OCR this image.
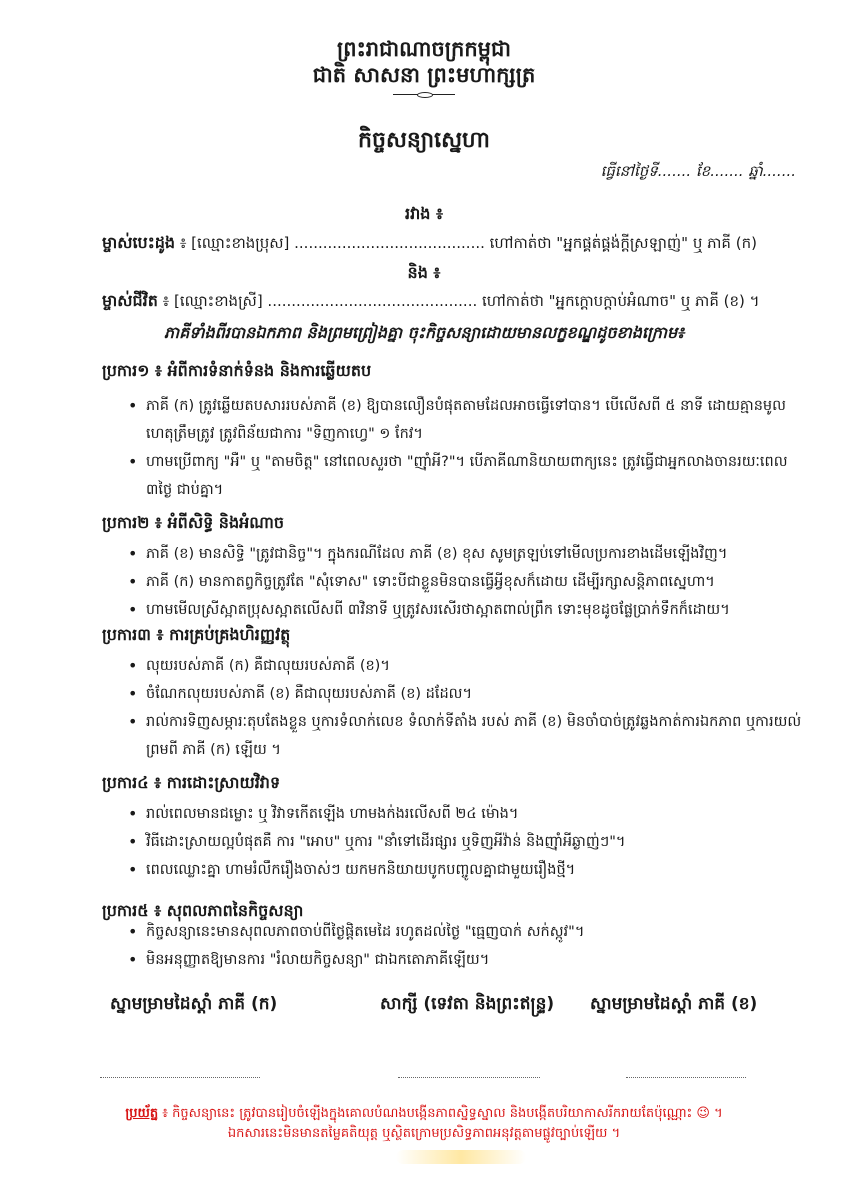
ព្រះរាជាណាចក្រកម្ពុជា
ជាតិ សាសនា ព្រះមហាក្សត្រ
កិច្ចសន្យាស្នេហា
ធ្វើនៅថ្ងៃទី....... ខែ....... ឆ្នាំ.......
រវាង ៖
ម្ចាស់បេះដូង ៖ [ឈ្មោះខាងប្រុស] ........................................ ហៅកាត់ថា "អ្នកផ្គត់ផ្គង់ក្ដីស្រឡាញ់" ឬ ភាគី (ក)
និង ៖
ម្ចាស់ជីវិត ៖ [ឈ្មោះខាងស្រី] ............................................ ហៅកាត់ថា "អ្នកក្ដោបក្ដាប់អំណាច" ឬ ភាគី (ខ) ។
ភាគីទាំងពីរបានឯកភាព និងព្រមព្រៀងគ្នា ចុះកិច្ចសន្យាដោយមានលក្ខខណ្ឌដូចខាងក្រោម៖
ប្រការ១ ៖ អំពីការទំនាក់ទំនង និងការឆ្លើយតប
• ភាគី (ក) ត្រូវឆ្លើយតបសាររបស់ភាគី (ខ) ឱ្យបានលឿនបំផុតតាមដែលអាចធ្វើទៅបាន។ បើលើសពី ៥ នាទី ដោយគ្មានមូលហេតុត្រឹមត្រូវ ត្រូវពិន័យជាការ "ទិញកាហ្វេ" ១ កែវ។
• ហាមប្រើពាក្យ "អឺ" ឬ "តាមចិត្ត" នៅពេលសួរថា "ញ៉ាំអី?"។ បើភាគីណានិយាយពាក្យនេះ ត្រូវធ្វើជាអ្នកលាងចានរយៈពេល ៣ថ្ងៃ ជាប់គ្នា។
ប្រការ២ ៖ អំពីសិទ្ធិ និងអំណាច
• ភាគី (ខ) មានសិទ្ធិ "ត្រូវជានិច្ច"។ ក្នុងករណីដែល ភាគី (ខ) ខុស សូមត្រឡប់ទៅមើលប្រការខាងដើមឡើងវិញ។
• ភាគី (ក) មានកាតព្វកិច្ចត្រូវតែ "សុំទោស" ទោះបីជាខ្លួនមិនបានធ្វើអ្វីខុសក៏ដោយ ដើម្បីរក្សាសន្តិភាពស្នេហា។
• ហាមមើលស្រីស្អាតប្រុសស្អាតលើសពី ៣វិនាទី ឬត្រូវសរសើរថាស្អាតពាល់ព្រឹក ទោះមុខដូចផ្លែប្រាក់ទឹកក៏ដោយ។
ប្រការ៣ ៖ ការគ្រប់គ្រងហិរញ្ញវត្ថុ
• លុយរបស់ភាគី (ក) គឺជាលុយរបស់ភាគី (ខ)។
• ចំណែកលុយរបស់ភាគី (ខ) គឺជាលុយរបស់ភាគី (ខ) ដដែល។
• រាល់ការទិញសម្ភារៈតុបតែងខ្លួន ឬការទំលាក់លេខ ទំលាក់ទីតាំង របស់ ភាគី (ខ) មិនចាំបាច់ត្រូវឆ្លងកាត់ការឯកភាព ឬការយល់ព្រមពី ភាគី (ក) ឡើយ ។
ប្រការ៤ ៖ ការដោះស្រាយវិវាទ
• រាល់ពេលមានជម្លោះ ឬ វិវាទកើតឡើង ហាមងក់ងរលើសពី ២៤ ម៉ោង។
• វិធីដោះស្រាយល្អបំផុតគឺ ការ "អោប" ឬការ "នាំទៅដើរផ្សារ ឬទិញអីវ៉ាន់ និងញ៉ាំអីឆ្ងាញ់ៗ"។
• ពេលឈ្លោះគ្នា ហាមរំលឹករឿងចាស់ៗ យកមកនិយាយបូកបញ្ចូលគ្នាជាមួយរឿងថ្មី។
ប្រការ៥ ៖ សុពលភាពនៃកិច្ចសន្យា
• កិច្ចសន្យានេះមានសុពលភាពចាប់ពីថ្ងៃផ្ដិតមេដៃ រហូតដល់ថ្ងៃ "ធ្មេញបាក់ សក់ស្កូវ"។
• មិនអនុញ្ញាតឱ្យមានការ "រំលាយកិច្ចសន្យា" ជាឯកតោភាគីឡើយ។
ស្នាមម្រាមដៃស្ដាំ ភាគី (ក)	សាក្សី (ទេវតា និងព្រះឥន្ទ្រ) ស្នាមម្រាមដៃស្ដាំ ភាគី (ខ)
ប្រយ័ត្ន ៖ កិច្ចសន្យានេះ ត្រូវបានរៀបចំឡើងក្នុងគោលបំណងបង្កើនភាពស្និទ្ធស្នាល និងបង្កើតបរិយាកាសរីករាយតែប៉ុណ្ណោះ 😉 ។
ឯកសារនេះមិនមានតម្លៃគតិយុត្ត ឬស្ថិតក្រោមប្រសិទ្ធភាពអនុវត្តតាមផ្លូវច្បាប់ឡើយ ។
